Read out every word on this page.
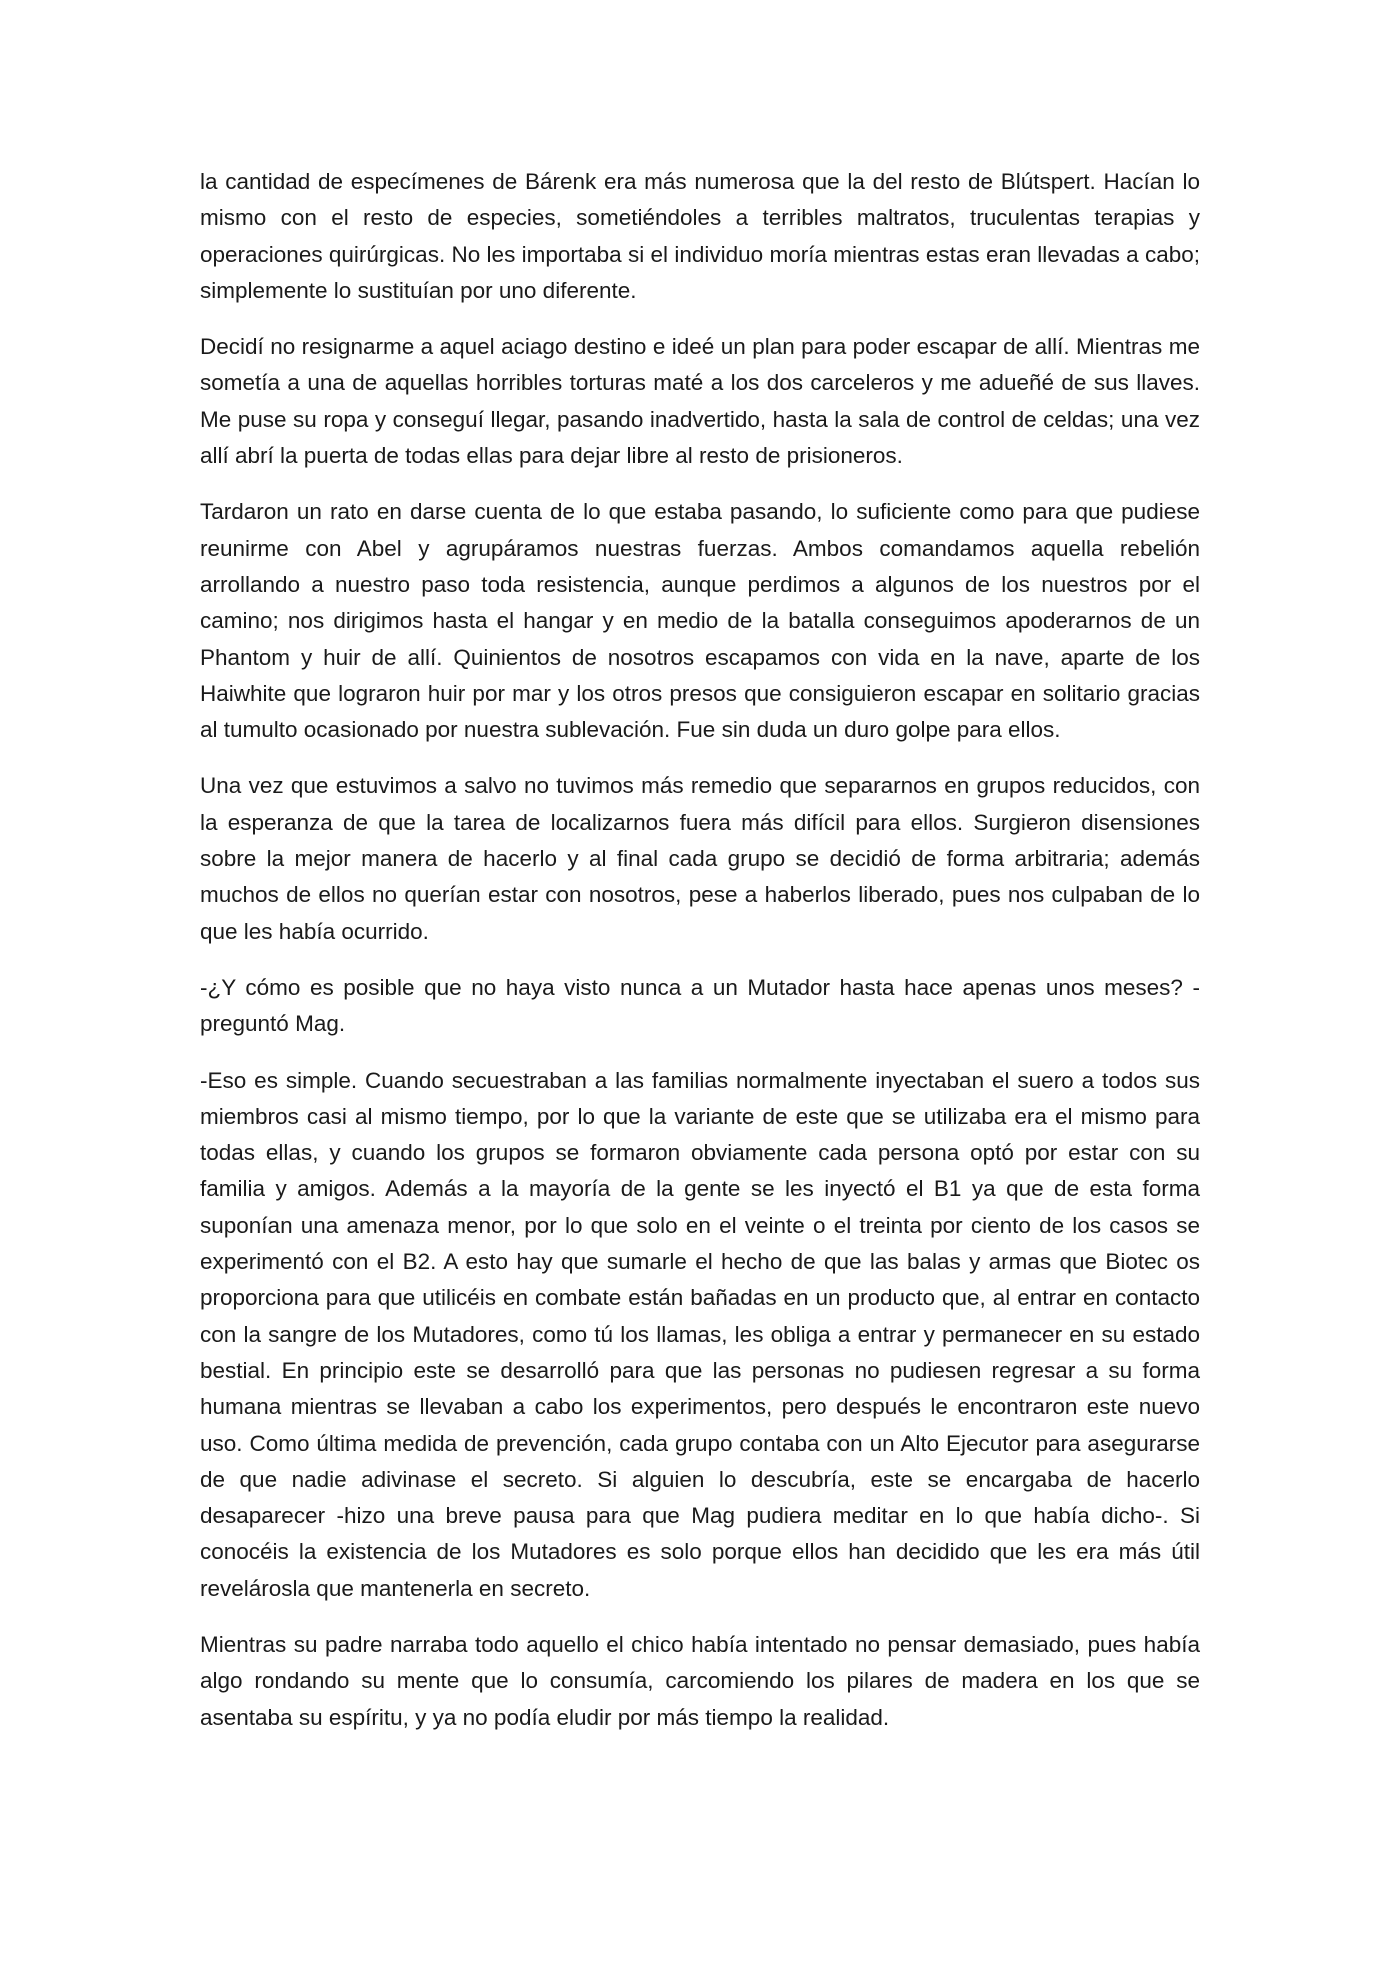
la cantidad de especímenes de Bárenk era más numerosa que la del resto de Blútspert. Hacían lo mismo con el resto de especies, sometiéndoles a terribles maltratos, truculentas terapias y operaciones quirúrgicas. No les importaba si el individuo moría mientras estas eran llevadas a cabo; simplemente lo sustituían por uno diferente.

Decidí no resignarme a aquel aciago destino e ideé un plan para poder escapar de allí. Mientras me sometía a una de aquellas horribles torturas maté a los dos carceleros y me adueñé de sus llaves. Me puse su ropa y conseguí llegar, pasando inadvertido, hasta la sala de control de celdas; una vez allí abrí la puerta de todas ellas para dejar libre al resto de prisioneros.

Tardaron un rato en darse cuenta de lo que estaba pasando, lo suficiente como para que pudiese reunirme con Abel y agrupáramos nuestras fuerzas. Ambos comandamos aquella rebelión arrollando a nuestro paso toda resistencia, aunque perdimos a algunos de los nuestros por el camino; nos dirigimos hasta el hangar y en medio de la batalla conseguimos apoderarnos de un Phantom y huir de allí. Quinientos de nosotros escapamos con vida en la nave, aparte de los Haiwhite que lograron huir por mar y los otros presos que consiguieron escapar en solitario gracias al tumulto ocasionado por nuestra sublevación. Fue sin duda un duro golpe para ellos.

Una vez que estuvimos a salvo no tuvimos más remedio que separarnos en grupos reducidos, con la esperanza de que la tarea de localizarnos fuera más difícil para ellos. Surgieron disensiones sobre la mejor manera de hacerlo y al final cada grupo se decidió de forma arbitraria; además muchos de ellos no querían estar con nosotros, pese a haberlos liberado, pues nos culpaban de lo que les había ocurrido.

-¿Y cómo es posible que no haya visto nunca a un Mutador hasta hace apenas unos meses? -preguntó Mag.

-Eso es simple. Cuando secuestraban a las familias normalmente inyectaban el suero a todos sus miembros casi al mismo tiempo, por lo que la variante de este que se utilizaba era el mismo para todas ellas, y cuando los grupos se formaron obviamente cada persona optó por estar con su familia y amigos. Además a la mayoría de la gente se les inyectó el B1 ya que de esta forma suponían una amenaza menor, por lo que solo en el veinte o el treinta por ciento de los casos se experimentó con el B2. A esto hay que sumarle el hecho de que las balas y armas que Biotec os proporciona para que utilicéis en combate están bañadas en un producto que, al entrar en contacto con la sangre de los Mutadores, como tú los llamas, les obliga a entrar y permanecer en su estado bestial. En principio este se desarrolló para que las personas no pudiesen regresar a su forma humana mientras se llevaban a cabo los experimentos, pero después le encontraron este nuevo uso. Como última medida de prevención, cada grupo contaba con un Alto Ejecutor para asegurarse de que nadie adivinase el secreto. Si alguien lo descubría, este se encargaba de hacerlo desaparecer -hizo una breve pausa para que Mag pudiera meditar en lo que había dicho-. Si conocéis la existencia de los Mutadores es solo porque ellos han decidido que les era más útil revelárosla que mantenerla en secreto.

Mientras su padre narraba todo aquello el chico había intentado no pensar demasiado, pues había algo rondando su mente que lo consumía, carcomiendo los pilares de madera en los que se asentaba su espíritu, y ya no podía eludir por más tiempo la realidad.
